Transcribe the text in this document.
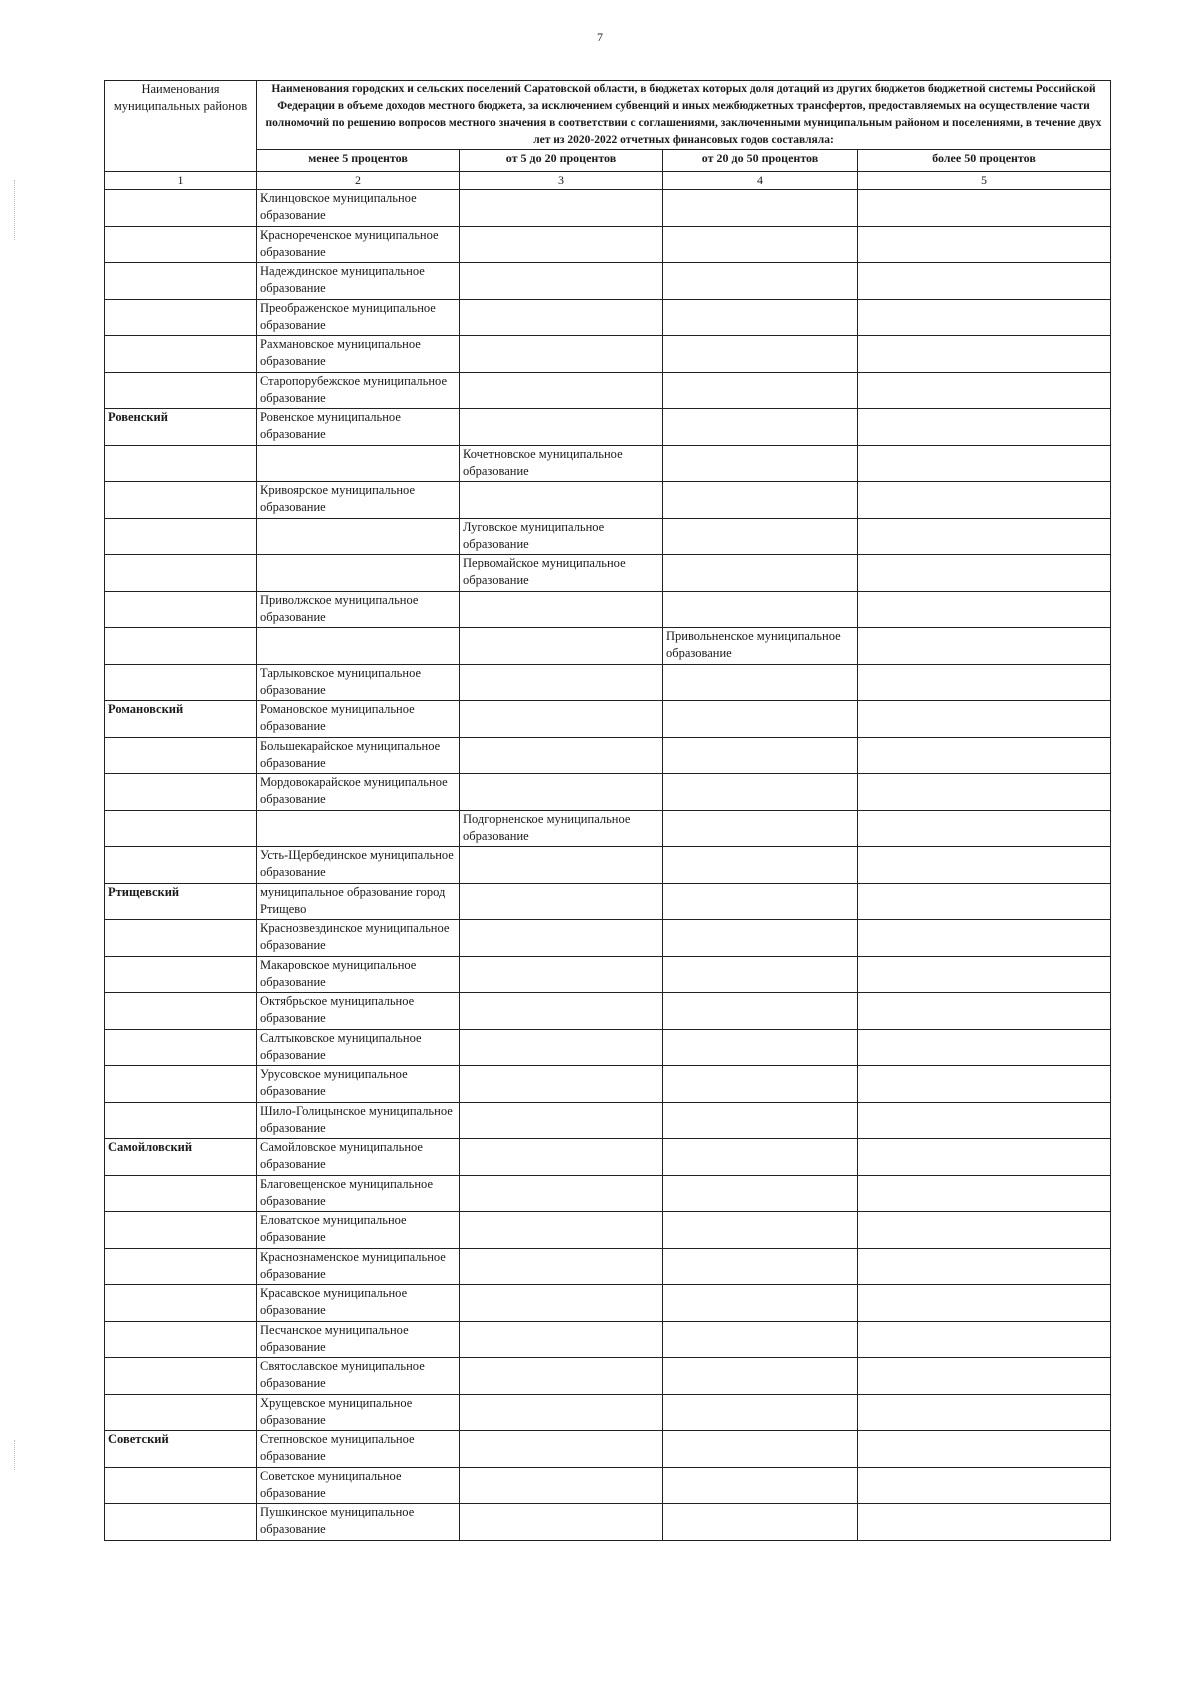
7
Наименования муниципальных районов	Наименования городских и сельских поселений Саратовской области, в бюджетах которых доля дотаций из других бюджетов бюджетной системы Российской Федерации в объеме доходов местного бюджета, за исключением субвенций и иных межбюджетных трансфертов, предоставляемых на осуществление части полномочий по решению вопросов местного значения в соответствии с соглашениями, заключенными муниципальным районом и поселениями, в течение двух лет из 2020-2022 отчетных финансовых годов составляла:			
	менее 5 процентов	от 5 до 20 процентов	от 20 до 50 процентов	более 50 процентов
1	2	3	4	5
	Клинцовское муниципальное образование			
	Краснореченское муниципальное образование			
	Надеждинское муниципальное образование			
	Преображенское муниципальное образование			
	Рахмановское муниципальное образование			
	Старопорубежское муниципальное образование			
Ровенский	Ровенское муниципальное образование			
		Кочетновское муниципальное образование		
	Кривоярское муниципальное образование			
		Луговское муниципальное образование		
		Первомайское муниципальное образование		
	Приволжское муниципальное образование			
			Привольненское муниципальное образование	
	Тарлыковское муниципальное образование			
Романовский	Романовское муниципальное образование			
	Большекарайское муниципальное образование			
	Мордовокарайское муниципальное образование			
		Подгорненское муниципальное образование		
	Усть-Щербединское муниципальное образование			
Ртищевский	муниципальное образование город Ртищево			
	Краснозвездинское муниципальное образование			
	Макаровское муниципальное образование			
	Октябрьское муниципальное образование			
	Салтыковское муниципальное образование			
	Урусовское муниципальное образование			
	Шило-Голицынское муниципальное образование			
Самойловский	Самойловское муниципальное образование			
	Благовещенское муниципальное образование			
	Еловатское муниципальное образование			
	Краснознаменское муниципальное образование			
	Красавское муниципальное образование			
	Песчанское муниципальное образование			
	Святославское муниципальное образование			
	Хрущевское муниципальное образование			
Советский	Степновское муниципальное образование			
	Советское муниципальное образование			
	Пушкинское муниципальное образование			
